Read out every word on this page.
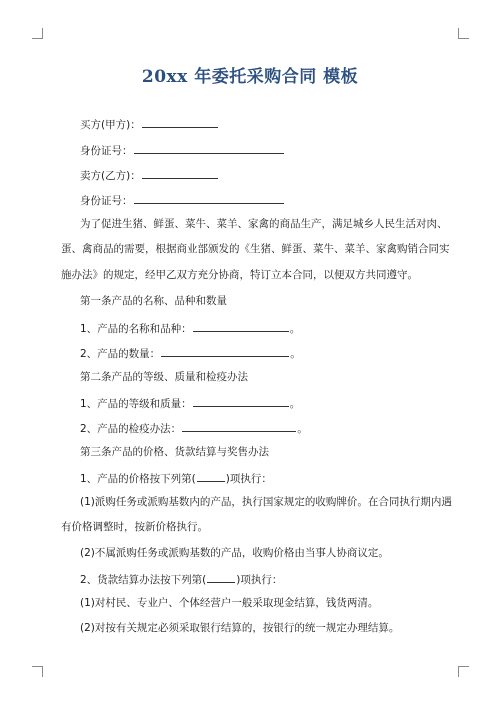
20xx 年委托采购合同 模板
买方(甲方)：
身份证号：
卖方(乙方)：
身份证号：
为了促进生猪、鲜蛋、菜牛、菜羊、家禽的商品生产，满足城乡人民生活对肉、
蛋、禽商品的需要，根据商业部颁发的《生猪、鲜蛋、菜牛、菜羊、家禽购销合同实
施办法》的规定，经甲乙双方充分协商，特订立本合同，以便双方共同遵守。
第一条产品的名称、品种和数量
1、产品的名称和品种：	。
2、产品的数量：	。
第二条产品的等级、质量和检疫办法
1、产品的等级和质量：	。
2、产品的检疫办法：	。
第三条产品的价格、货款结算与奖售办法
1、产品的价格按下列第(	)项执行：
(1)派购任务或派购基数内的产品，执行国家规定的收购牌价。在合同执行期内遇
有价格调整时，按新价格执行。
(2)不属派购任务或派购基数的产品，收购价格由当事人协商议定。
2、货款结算办法按下列第(	)项执行：
(1)对村民、专业户、个体经营户一般采取现金结算，钱货两清。
(2)对按有关规定必须采取银行结算的，按银行的统一规定办理结算。
